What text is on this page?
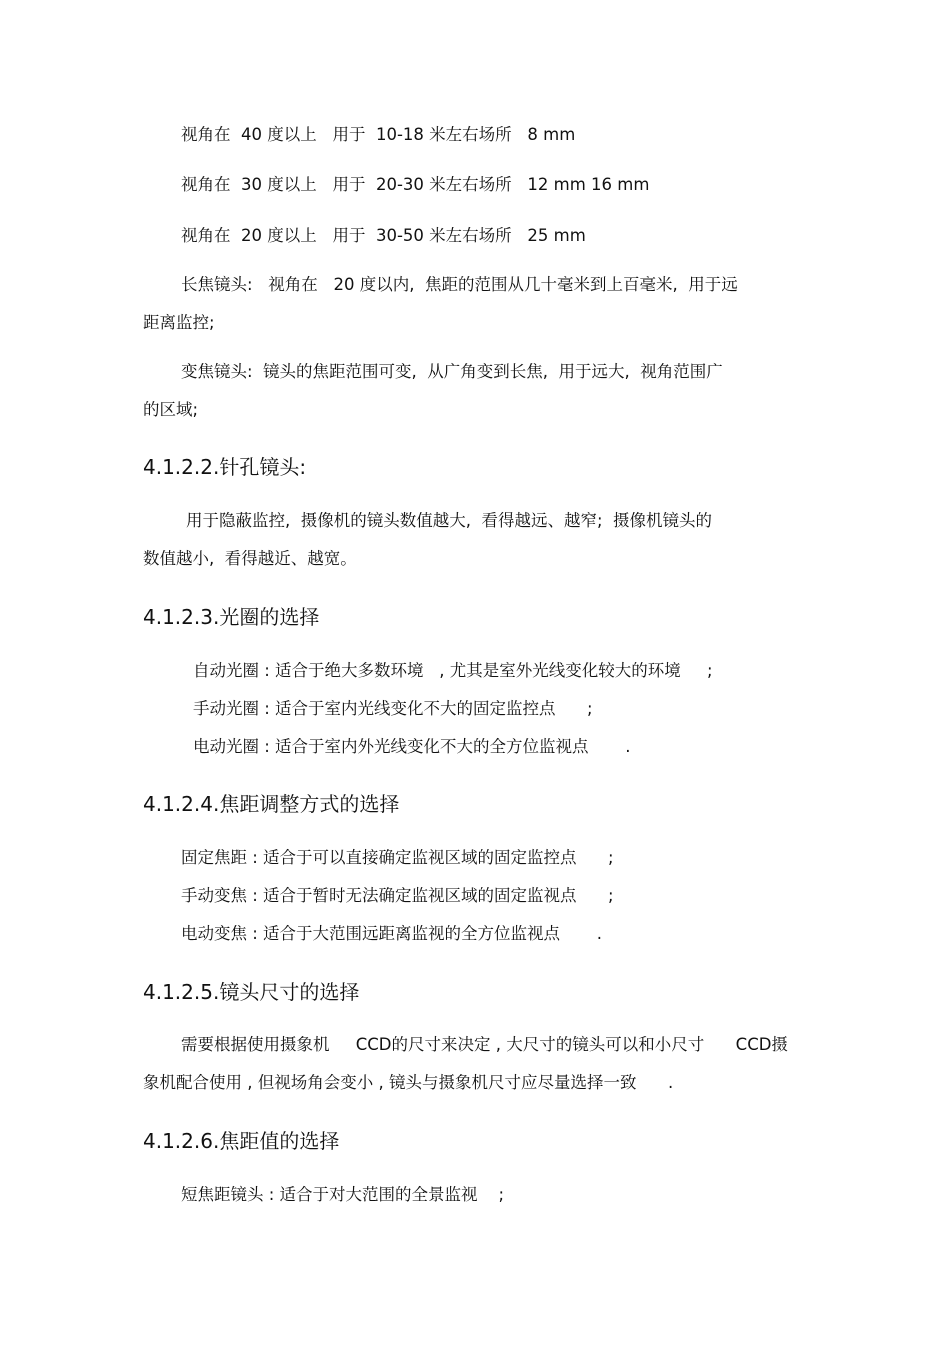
视角在  40 度以上   用于  10-18 米左右场所   8 mm
视角在  30 度以上   用于  20-30 米左右场所   12 mm 16 mm
视角在  20 度以上   用于  30-50 米左右场所   25 mm
长焦镜头:   视角在   20 度以内,  焦距的范围从几十毫米到上百毫米,  用于远
距离监控;
变焦镜头:  镜头的焦距范围可变,  从广角变到长焦,  用于远大,  视角范围广
的区域;
4.1.2.2.针孔镜头:
用于隐蔽监控,  摄像机的镜头数值越大,  看得越远、越窄;  摄像机镜头的
数值越小,  看得越近、越宽。
4.1.2.3.光圈的选择
自动光圈 : 适合于绝大多数环境   , 尤其是室外光线变化较大的环境     ;
手动光圈 : 适合于室内光线变化不大的固定监控点      ;
电动光圈 : 适合于室内外光线变化不大的全方位监视点       .
4.1.2.4.焦距调整方式的选择
固定焦距 : 适合于可以直接确定监视区域的固定监控点      ;
手动变焦 : 适合于暂时无法确定监视区域的固定监视点      ;
电动变焦 : 适合于大范围远距离监视的全方位监视点       .
4.1.2.5.镜头尺寸的选择
需要根据使用摄象机     CCD的尺寸来决定 , 大尺寸的镜头可以和小尺寸      CCD摄
象机配合使用 , 但视场角会变小 , 镜头与摄象机尺寸应尽量选择一致      .
4.1.2.6.焦距值的选择
短焦距镜头 : 适合于对大范围的全景监视    ;
